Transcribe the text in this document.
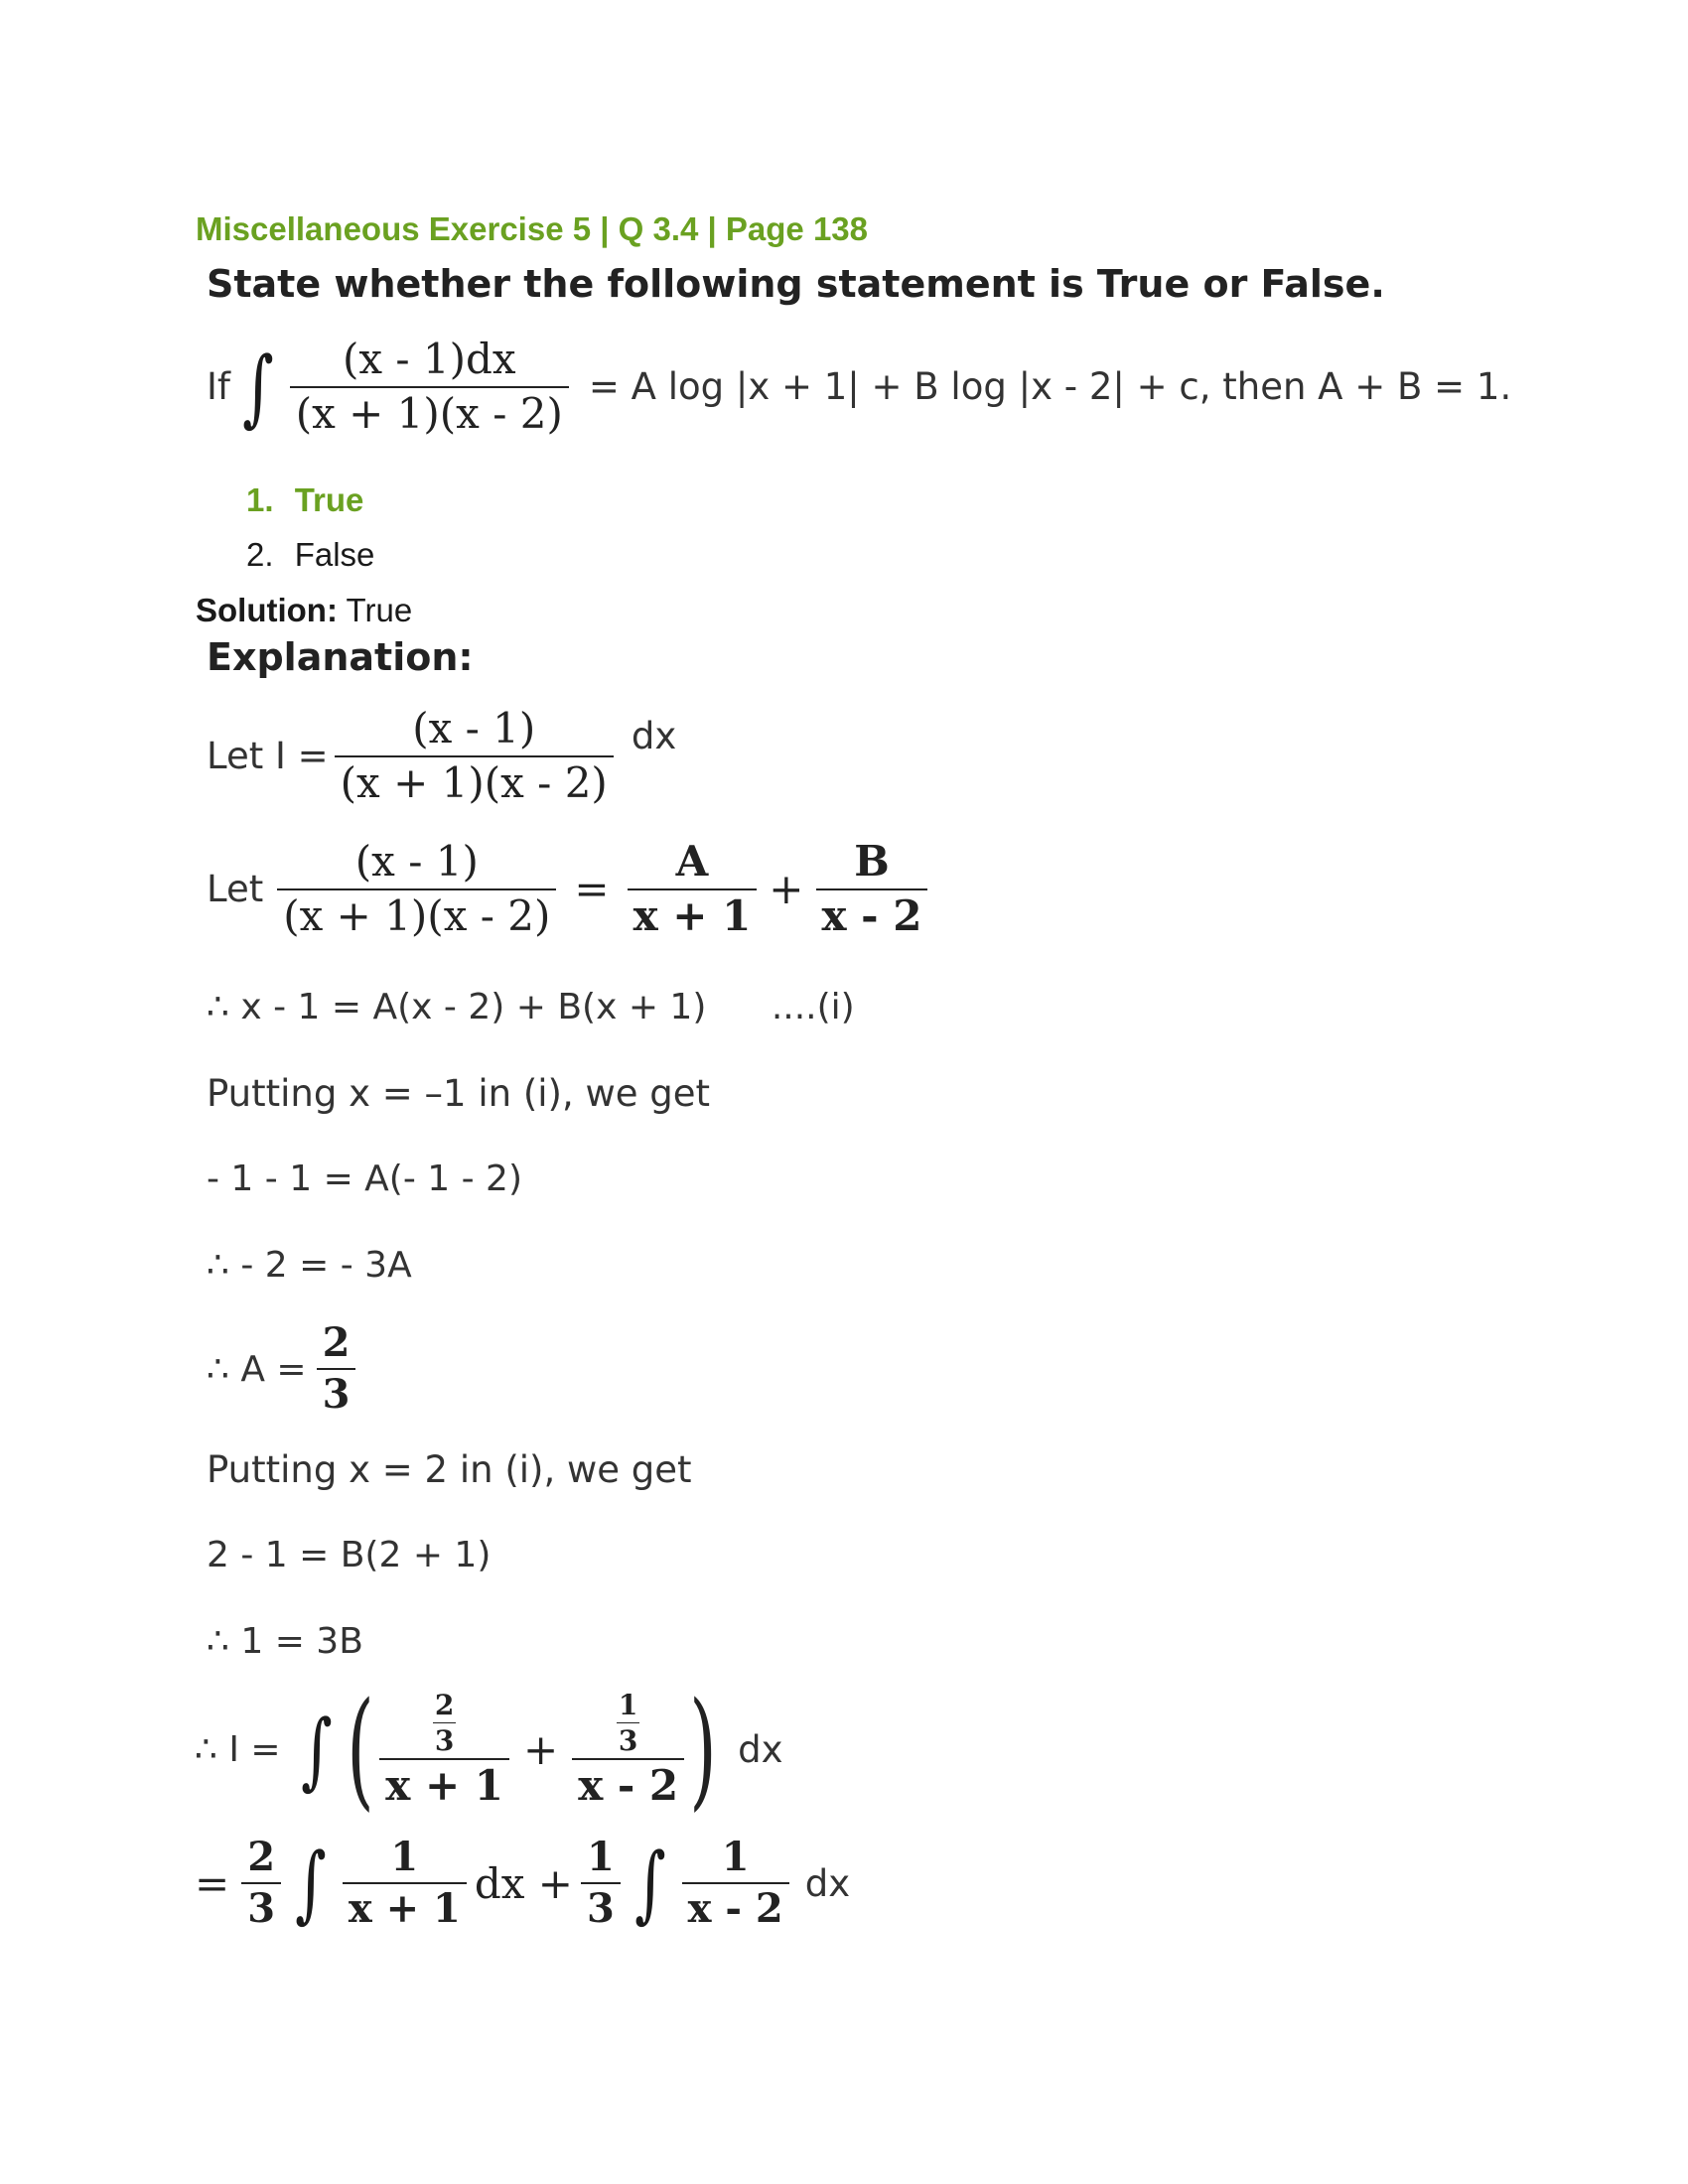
Miscellaneous Exercise 5 | Q 3.4 | Page 138
State whether the following statement is True or False.
If ∫ $\frac{(x - 1)dx}{(x + 1)(x - 2)} = A$ log |x + 1| + B log |x - 2| + c, then A + B = 1.
1. True
2. False
Solution: True
Explanation:
Let $I = \frac{(x - 1)}{(x + 1)(x - 2)}$ dx
Let $\frac{(x - 1)}{(x + 1)(x - 2)} = \frac{A}{x + 1} + \frac{B}{x - 2}$
∴ x - 1 = A(x - 2) + B(x + 1) ....(i)
Putting x = –1 in (i), we get
- 1 - 1 = A(- 1 - 2)
∴ - 2 = - 3A
∴ $A = \frac{2}{3}$
Putting x = 2 in (i), we get
2 - 1 = B(2 + 1)
∴ 1 = 3B
∴ I = ∫ ( $\frac{\frac{2}{3}}{x + 1} + \frac{\frac{1}{3}}{x - 2}$ ) dx
= $\frac{2}{3}$ ∫ $\frac{1}{x + 1}$ dx + $\frac{1}{3}$ ∫ $\frac{1}{x - 2}$ dx
